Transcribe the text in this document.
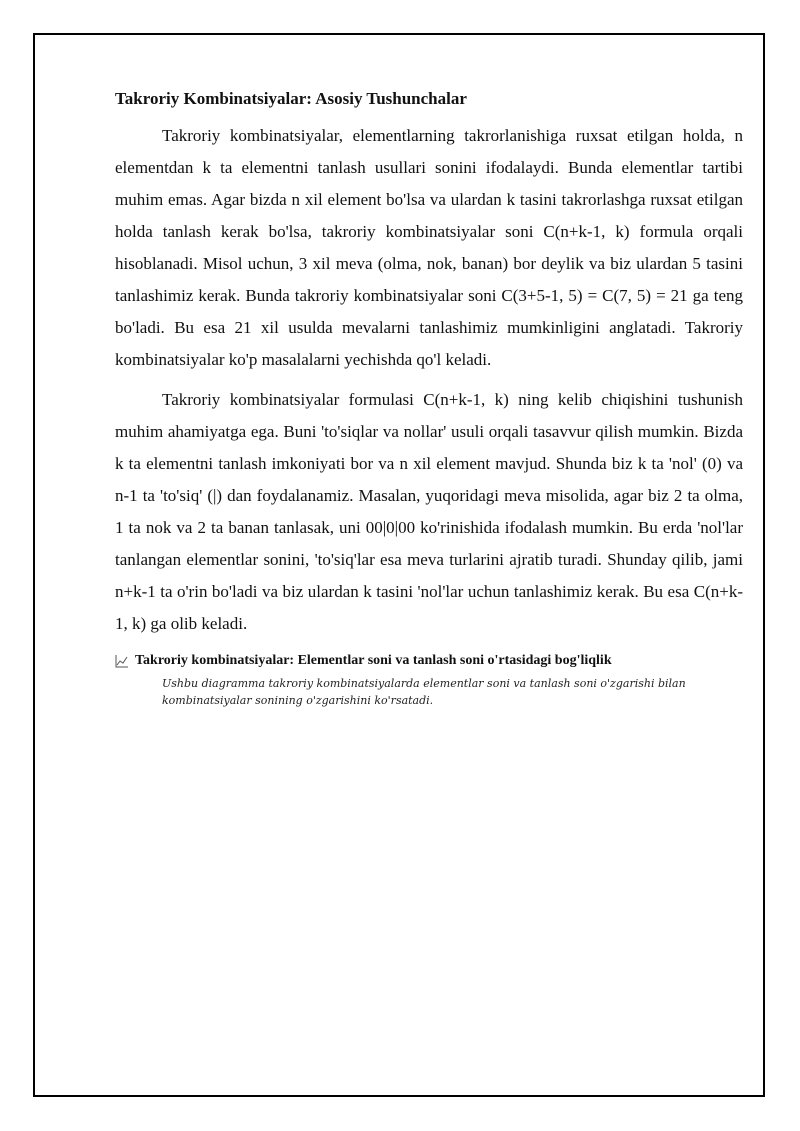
Takroriy Kombinatsiyalar: Asosiy Tushunchalar

Takroriy kombinatsiyalar, elementlarning takrorlanishiga ruxsat etilgan holda, n elementdan k ta elementni tanlash usullari sonini ifodalaydi. Bunda elementlar tartibi muhim emas. Agar bizda n xil element bo'lsa va ulardan k tasini takrorlashga ruxsat etilgan holda tanlash kerak bo'lsa, takroriy kombinatsiyalar soni C(n+k-1, k) formula orqali hisoblanadi. Misol uchun, 3 xil meva (olma, nok, banan) bor deylik va biz ulardan 5 tasini tanlashimiz kerak. Bunda takroriy kombinatsiyalar soni C(3+5-1, 5) = C(7, 5) = 21 ga teng bo'ladi. Bu esa 21 xil usulda mevalarni tanlashimiz mumkinligini anglatadi. Takroriy kombinatsiyalar ko'p masalalarni yechishda qo'l keladi.

Takroriy kombinatsiyalar formulasi C(n+k-1, k) ning kelib chiqishini tushunish muhim ahamiyatga ega. Buni 'to'siqlar va nollar' usuli orqali tasavvur qilish mumkin. Bizda k ta elementni tanlash imkoniyati bor va n xil element mavjud. Shunda biz k ta 'nol' (0) va n-1 ta 'to'siq' (|) dan foydalanamiz. Masalan, yuqoridagi meva misolida, agar biz 2 ta olma, 1 ta nok va 2 ta banan tanlasak, uni 00|0|00 ko'rinishida ifodalash mumkin. Bu erda 'nol'lar tanlangan elementlar sonini, 'to'siq'lar esa meva turlarini ajratib turadi. Shunday qilib, jami n+k-1 ta o'rin bo'ladi va biz ulardan k tasini 'nol'lar uchun tanlashimiz kerak. Bu esa C(n+k-1, k) ga olib keladi.

Takroriy kombinatsiyalar: Elementlar soni va tanlash soni o'rtasidagi bog'liqlik
Ushbu diagramma takroriy kombinatsiyalarda elementlar soni va tanlash soni o'zgarishi bilan kombinatsiyalar sonining o'zgarishini ko'rsatadi.
